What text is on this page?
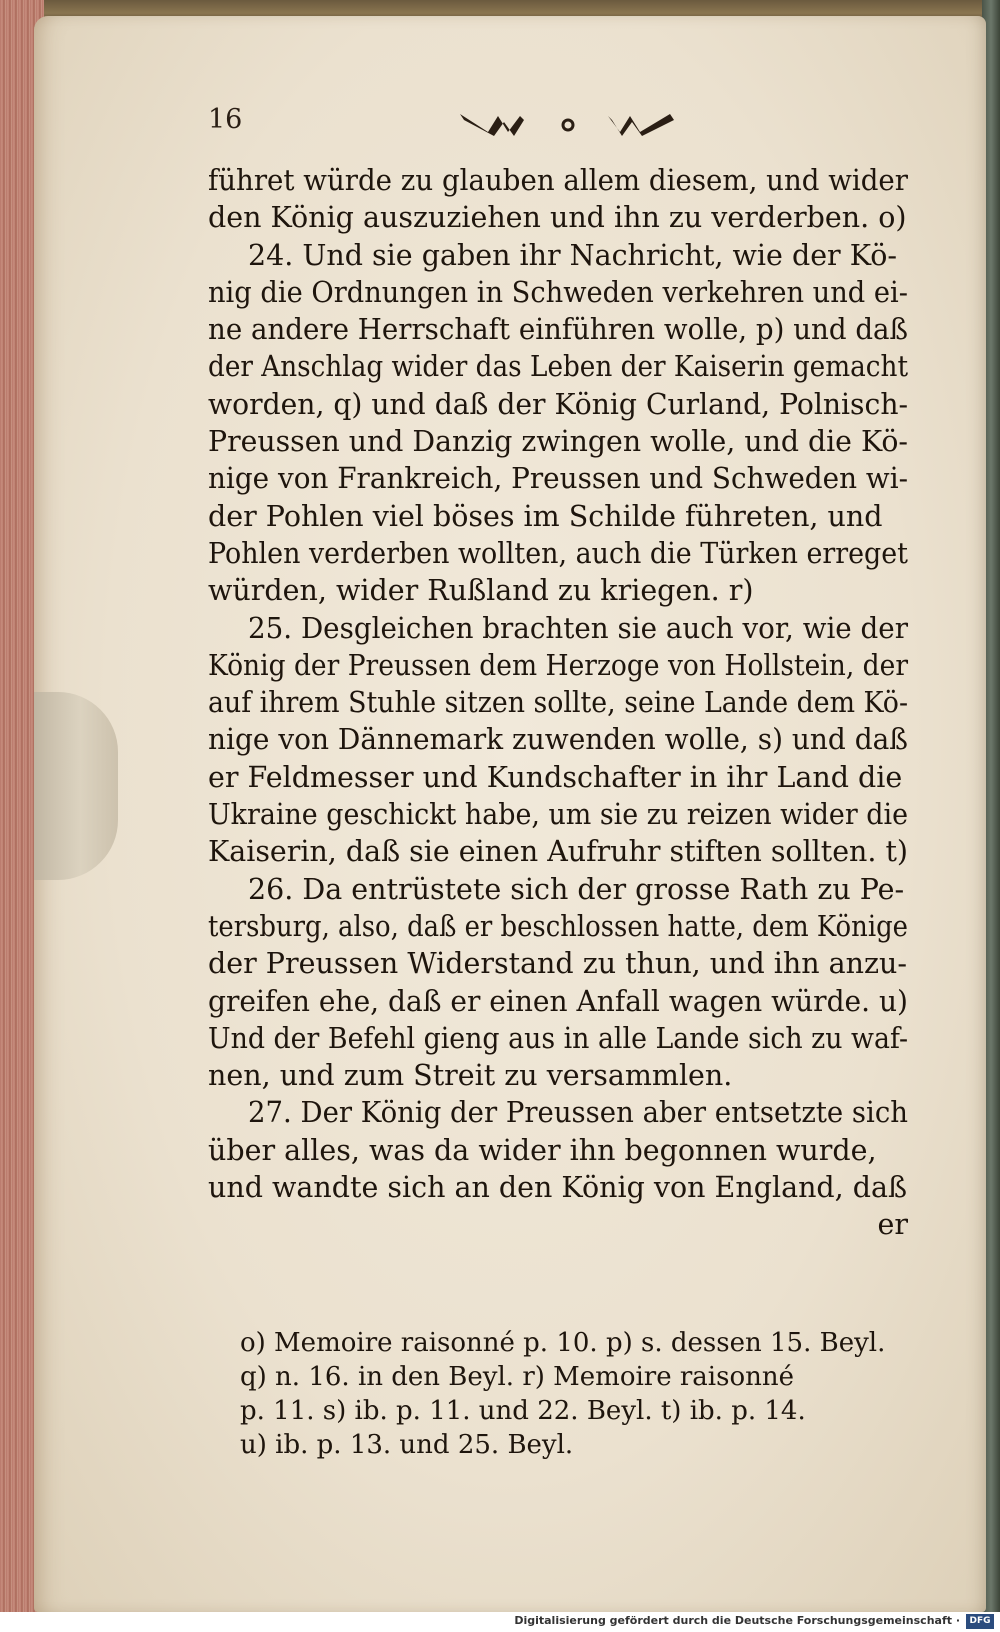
16
führet würde zu glauben allem diesem, und wider
den König auszuziehen und ihn zu verderben. o)
24. Und sie gaben ihr Nachricht, wie der Kö-
nig die Ordnungen in Schweden verkehren und ei-
ne andere Herrschaft einführen wolle, p) und daß
der Anschlag wider das Leben der Kaiserin gemacht
worden, q) und daß der König Curland, Polnisch-
Preussen und Danzig zwingen wolle, und die Kö-
nige von Frankreich, Preussen und Schweden wi-
der Pohlen viel böses im Schilde führeten, und
Pohlen verderben wollten, auch die Türken erreget
würden, wider Rußland zu kriegen. r)
25. Desgleichen brachten sie auch vor, wie der
König der Preussen dem Herzoge von Hollstein, der
auf ihrem Stuhle sitzen sollte, seine Lande dem Kö-
nige von Dännemark zuwenden wolle, s) und daß
er Feldmesser und Kundschafter in ihr Land die
Ukraine geschickt habe, um sie zu reizen wider die
Kaiserin, daß sie einen Aufruhr stiften sollten. t)
26. Da entrüstete sich der grosse Rath zu Pe-
tersburg, also, daß er beschlossen hatte, dem Könige
der Preussen Widerstand zu thun, und ihn anzu-
greifen ehe, daß er einen Anfall wagen würde. u)
Und der Befehl gieng aus in alle Lande sich zu waf-
nen, und zum Streit zu versammlen.
27. Der König der Preussen aber entsetzte sich
über alles, was da wider ihn begonnen wurde,
und wandte sich an den König von England, daß
er
o) Memoire raisonné p. 10. p) s. dessen 15. Beyl.
q) n. 16. in den Beyl. r) Memoire raisonné
p. 11. s) ib. p. 11. und 22. Beyl. t) ib. p. 14.
u) ib. p. 13. und 25. Beyl.
Digitalisierung gefördert durch die Deutsche Forschungsgemeinschaft ·	DFG
